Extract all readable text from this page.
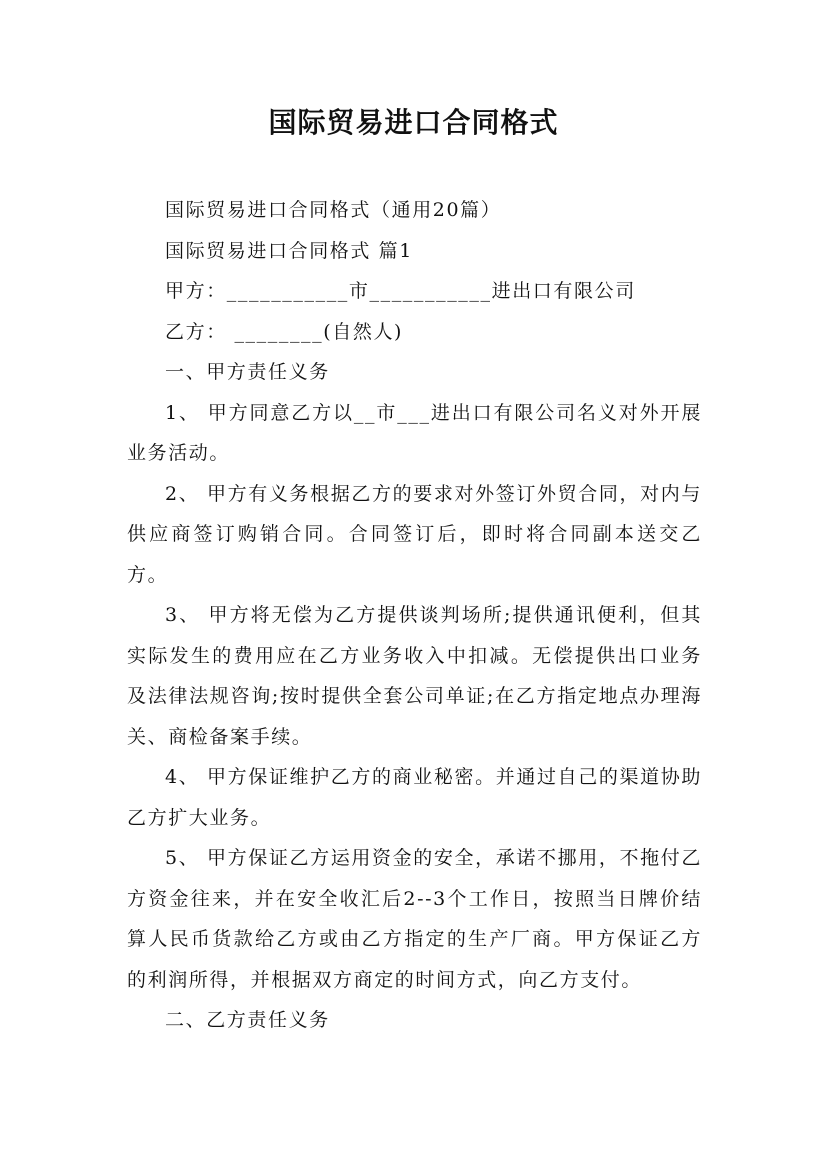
国际贸易进口合同格式

国际贸易进口合同格式（通用20篇）

国际贸易进口合同格式 篇1

甲方：___________市___________进出口有限公司

乙方： ________(自然人)

一、甲方责任义务

1、 甲方同意乙方以__市___进出口有限公司名义对外开展业务活动。

2、 甲方有义务根据乙方的要求对外签订外贸合同，对内与供应商签订购销合同。合同签订后，即时将合同副本送交乙方。

3、 甲方将无偿为乙方提供谈判场所;提供通讯便利，但其实际发生的费用应在乙方业务收入中扣减。无偿提供出口业务及法律法规咨询;按时提供全套公司单证;在乙方指定地点办理海关、商检备案手续。

4、 甲方保证维护乙方的商业秘密。并通过自己的渠道协助乙方扩大业务。

5、 甲方保证乙方运用资金的安全，承诺不挪用，不拖付乙方资金往来，并在安全收汇后2--3个工作日，按照当日牌价结算人民币货款给乙方或由乙方指定的生产厂商。甲方保证乙方的利润所得，并根据双方商定的时间方式，向乙方支付。

二、乙方责任义务
